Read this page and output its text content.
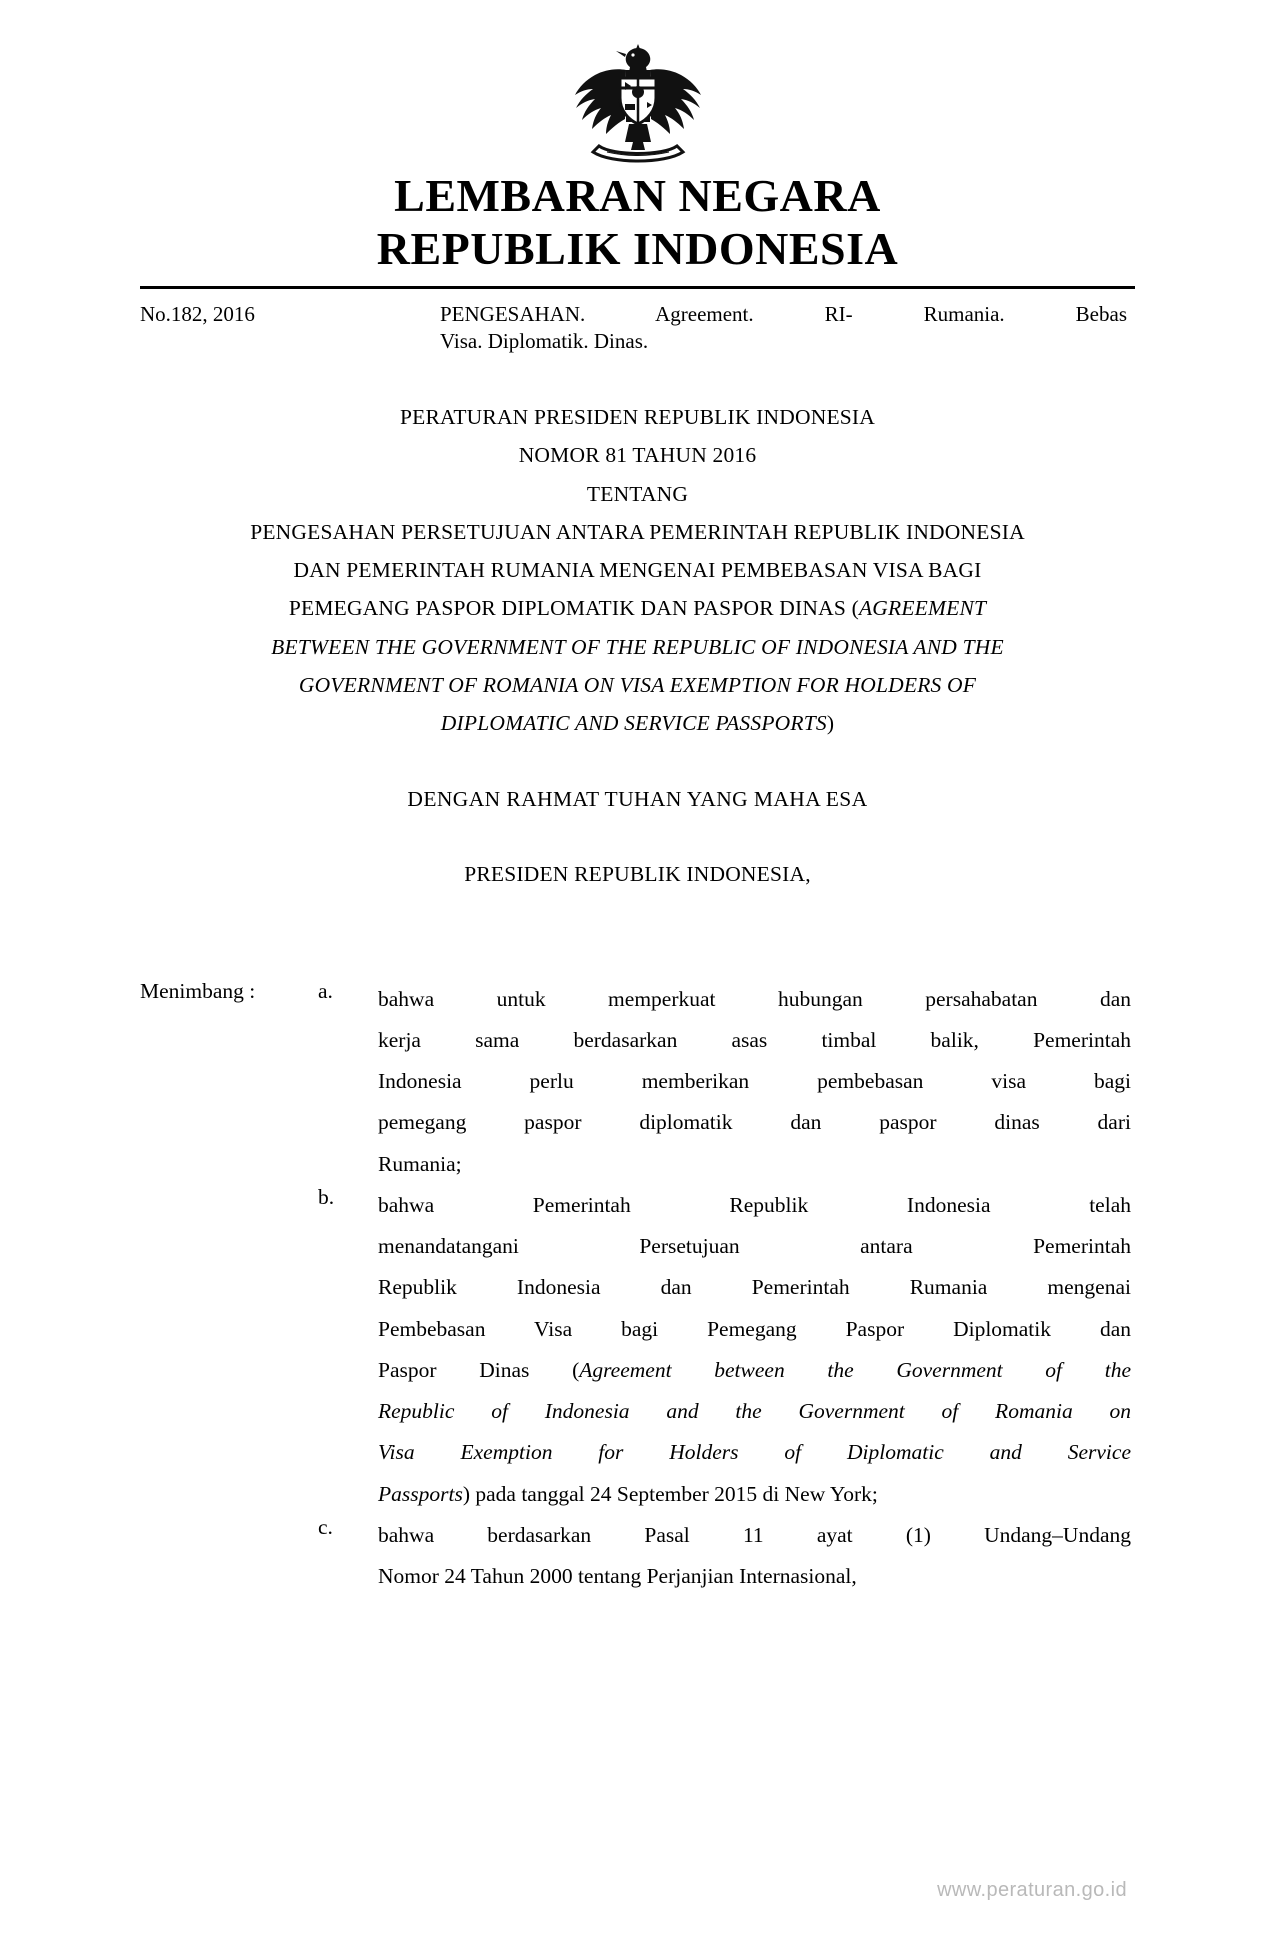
LEMBARAN NEGARA
REPUBLIK INDONESIA
No.182, 2016	PENGESAHAN. Agreement. RI- Rumania. Bebas
Visa. Diplomatik. Dinas.
PERATURAN PRESIDEN REPUBLIK INDONESIA
NOMOR 81 TAHUN 2016
TENTANG
PENGESAHAN PERSETUJUAN ANTARA PEMERINTAH REPUBLIK INDONESIA
DAN PEMERINTAH RUMANIA MENGENAI PEMBEBASAN VISA BAGI
PEMEGANG PASPOR DIPLOMATIK DAN PASPOR DINAS (AGREEMENT
BETWEEN THE GOVERNMENT OF THE REPUBLIC OF INDONESIA AND THE
GOVERNMENT OF ROMANIA ON VISA EXEMPTION FOR HOLDERS OF
DIPLOMATIC AND SERVICE PASSPORTS)
DENGAN RAHMAT TUHAN YANG MAHA ESA
PRESIDEN REPUBLIK INDONESIA,
Menimbang :	a.	bahwa untuk memperkuat hubungan persahabatan dan
kerja sama berdasarkan asas timbal balik, Pemerintah
Indonesia perlu memberikan pembebasan visa bagi
pemegang paspor diplomatik dan paspor dinas dari
Rumania;
b.	bahwa Pemerintah Republik Indonesia telah
menandatangani Persetujuan antara Pemerintah
Republik Indonesia dan Pemerintah Rumania mengenai
Pembebasan Visa bagi Pemegang Paspor Diplomatik dan
Paspor Dinas (Agreement between the Government of the
Republic of Indonesia and the Government of Romania on
Visa Exemption for Holders of Diplomatic and Service
Passports) pada tanggal 24 September 2015 di New York;
c.	bahwa berdasarkan Pasal 11 ayat (1) Undang–Undang
Nomor 24 Tahun 2000 tentang Perjanjian Internasional,
www.peraturan.go.id
